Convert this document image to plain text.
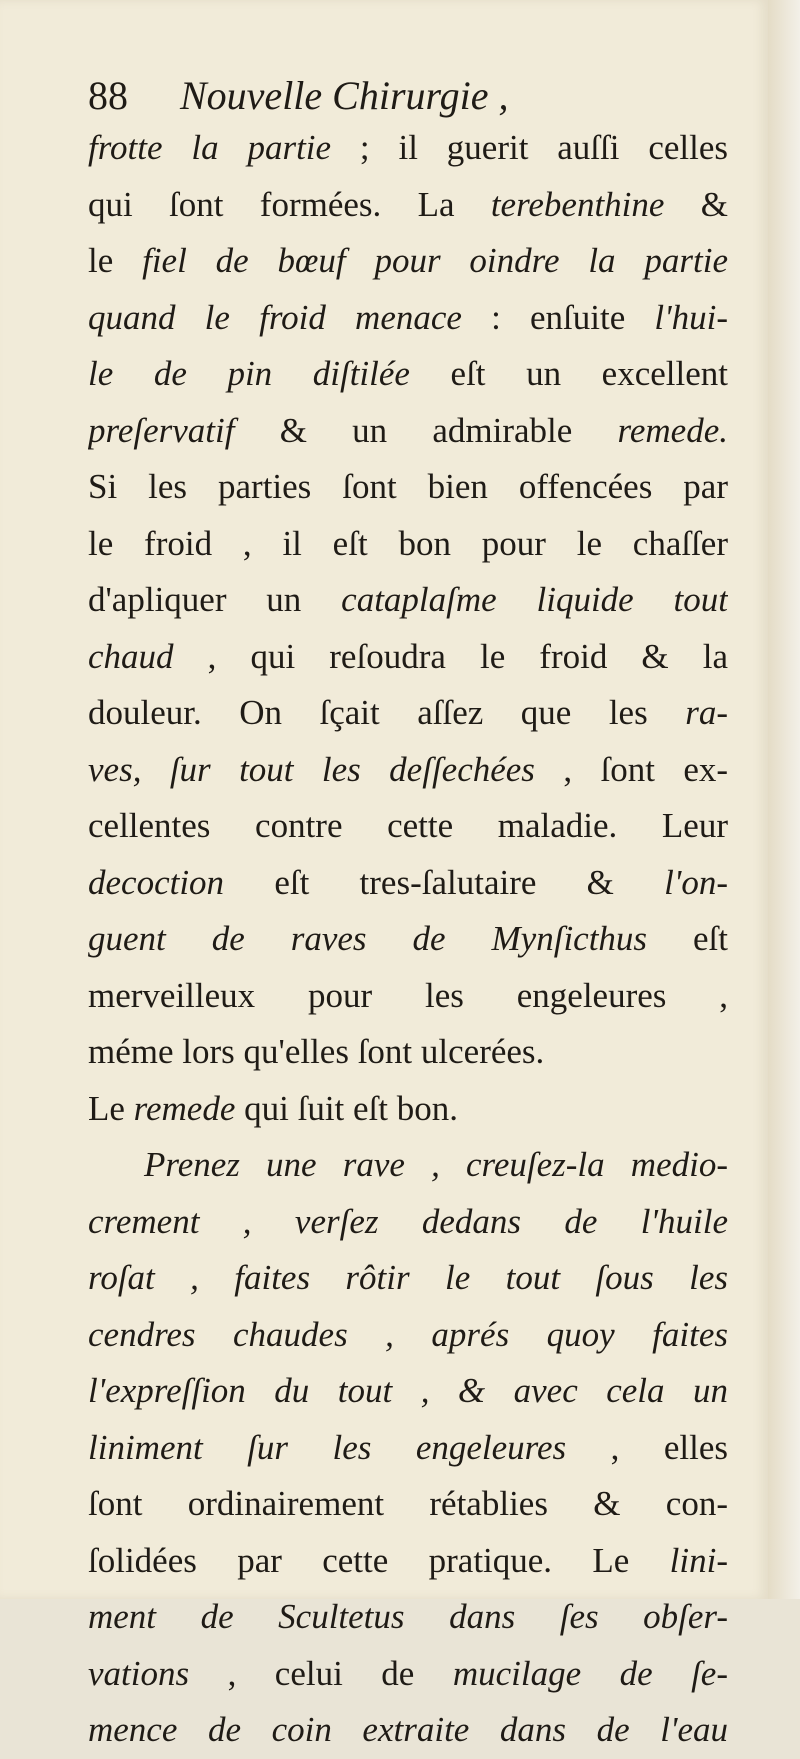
88 Nouvelle Chirurgie ,
frotte la partie ; il guerit auſſi celles
qui ſont formées. La terebenthine &
le fiel de bœuf pour oindre la partie
quand le froid menace : enſuite l'hui-
le de pin diſtilée eſt un excellent
preſervatif & un admirable remede.
Si les parties ſont bien offencées par
le froid , il eſt bon pour le chaſſer
d'apliquer un cataplaſme liquide tout
chaud , qui reſoudra le froid & la
douleur. On ſçait aſſez que les ra-
ves, ſur tout les deſſechées , ſont ex-
cellentes contre cette maladie. Leur
decoction eſt tres-ſalutaire & l'on-
guent de raves de Mynſicthus eſt
merveilleux pour les engeleures ,
méme lors qu'elles ſont ulcerées.
Le remede qui ſuit eſt bon.
Prenez une rave , creuſez-la medio-
crement , verſez dedans de l'huile
roſat , faites rôtir le tout ſous les
cendres chaudes , aprés quoy faites
l'expreſſion du tout , & avec cela un
liniment ſur les engeleures , elles
ſont ordinairement rétablies & con-
ſolidées par cette pratique. Le lini-
ment de Scultetus dans ſes obſer-
vations , celui de mucilage de ſe-
mence de coin extraite dans de l'eau
